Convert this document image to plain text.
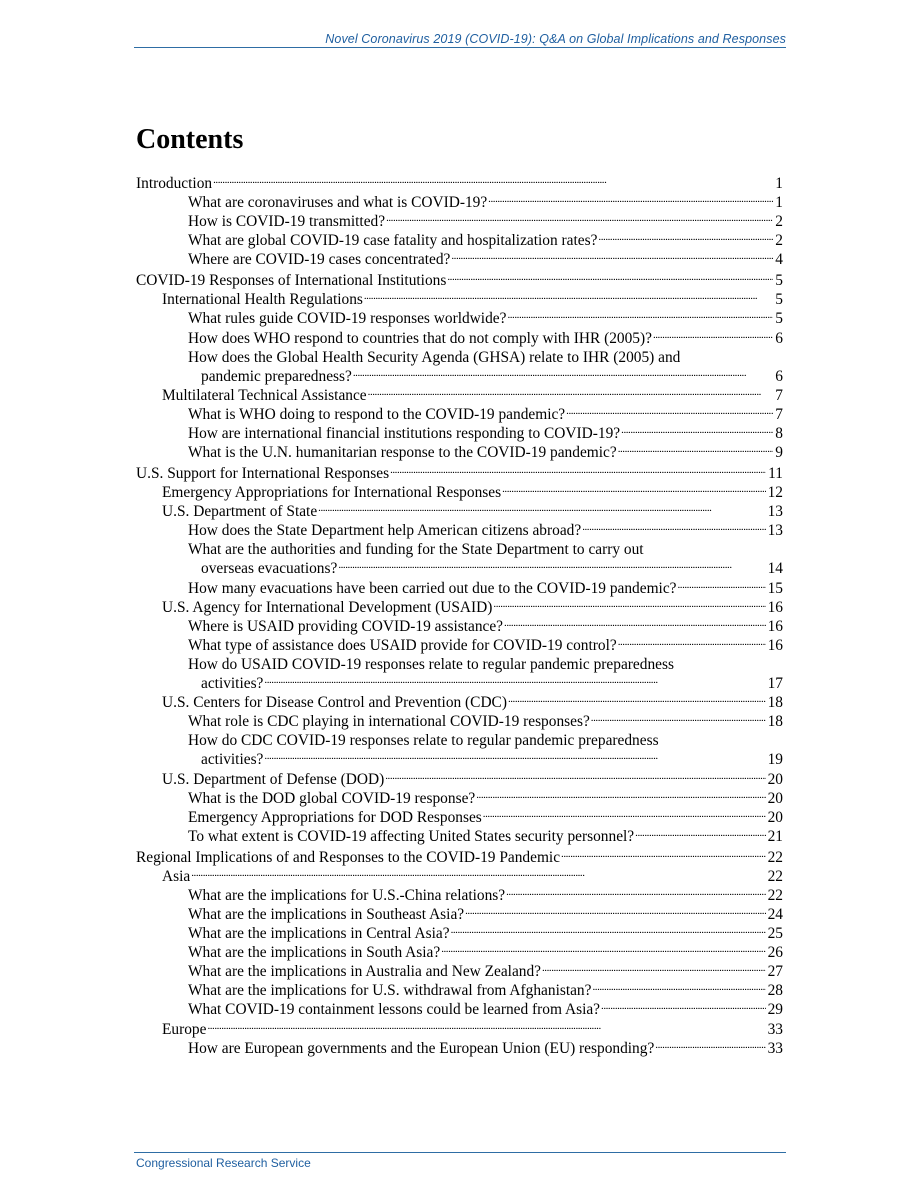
Novel Coronavirus 2019 (COVID-19): Q&A on Global Implications and Responses
Contents
Introduction . . .	1
What are coronaviruses and what is COVID-19? . . .	1
How is COVID-19 transmitted? . . .	2
What are global COVID-19 case fatality and hospitalization rates? . . .	2
Where are COVID-19 cases concentrated? . . .	4
COVID-19 Responses of International Institutions . . .	5
International Health Regulations . . .	5
What rules guide COVID-19 responses worldwide? . . .	5
How does WHO respond to countries that do not comply with IHR (2005)? . . .	6
How does the Global Health Security Agenda (GHSA) relate to IHR (2005) and
pandemic preparedness? . . .	6
Multilateral Technical Assistance . . .	7
What is WHO doing to respond to the COVID-19 pandemic? . . .	7
How are international financial institutions responding to COVID-19? . . .	8
What is the U.N. humanitarian response to the COVID-19 pandemic? . . .	9
U.S. Support for International Responses . . .	11
Emergency Appropriations for International Responses . . .	12
U.S. Department of State . . .	13
How does the State Department help American citizens abroad? . . .	13
What are the authorities and funding for the State Department to carry out
overseas evacuations? . . .	14
How many evacuations have been carried out due to the COVID-19 pandemic? . . .	15
U.S. Agency for International Development (USAID) . . .	16
Where is USAID providing COVID-19 assistance? . . .	16
What type of assistance does USAID provide for COVID-19 control? . . .	16
How do USAID COVID-19 responses relate to regular pandemic preparedness
activities? . . .	17
U.S. Centers for Disease Control and Prevention (CDC) . . .	18
What role is CDC playing in international COVID-19 responses? . . .	18
How do CDC COVID-19 responses relate to regular pandemic preparedness
activities? . . .	19
U.S. Department of Defense (DOD) . . .	20
What is the DOD global COVID-19 response? . . .	20
Emergency Appropriations for DOD Responses . . .	20
To what extent is COVID-19 affecting United States security personnel? . . .	21
Regional Implications of and Responses to the COVID-19 Pandemic . . .	22
Asia . . .	22
What are the implications for U.S.-China relations? . . .	22
What are the implications in Southeast Asia? . . .	24
What are the implications in Central Asia? . . .	25
What are the implications in South Asia? . . .	26
What are the implications in Australia and New Zealand? . . .	27
What are the implications for U.S. withdrawal from Afghanistan? . . .	28
What COVID-19 containment lessons could be learned from Asia? . . .	29
Europe . . .	33
How are European governments and the European Union (EU) responding? . . .	33
Congressional Research Service
